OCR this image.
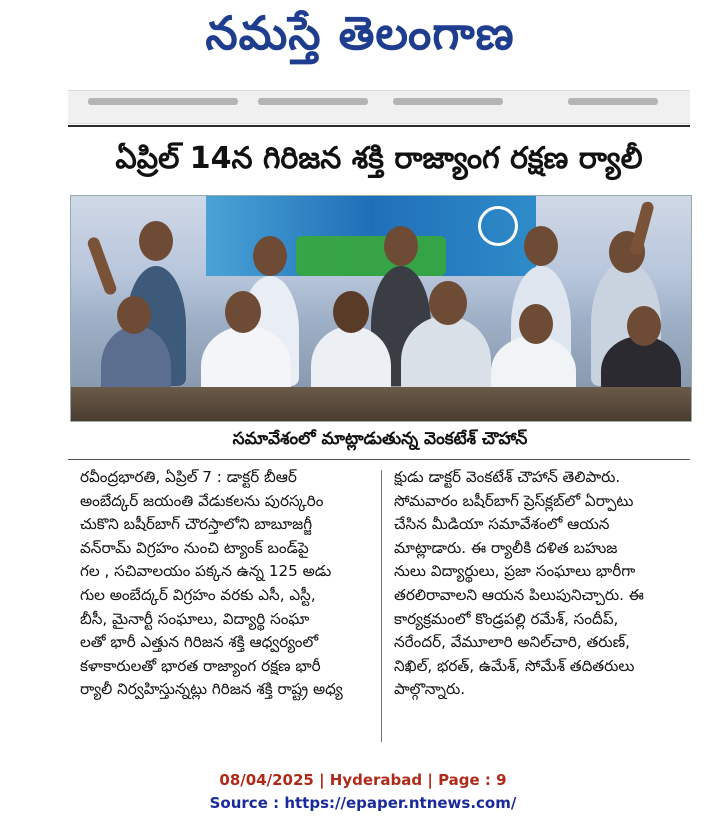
నమస్తే తెలంగాణ
ఏప్రిల్ 14న గిరిజన శక్తి రాజ్యాంగ రక్షణ ర్యాలీ
సమావేశంలో మాట్లాడుతున్న వెంకటేశ్ చౌహాన్
రవీంద్రభారతి, ఏప్రిల్ 7 : డాక్టర్ బీఆర్
అంబేద్కర్ జయంతి వేడుకలను పురస్కరిం
చుకొని బషీర్‌బాగ్ చౌరస్తాలోని బాబూజగ్జీ
వన్‌రామ్ విగ్రహం నుంచి ట్యాంక్ బండ్‌పై
గల , సచివాలయం పక్కన ఉన్న 125 అడు
గుల అంబేద్కర్ విగ్రహం వరకు ఎసీ, ఎస్టీ,
బీసీ, మైనార్టీ సంఘాలు, విద్యార్థి సంఘా
లతో భారీ ఎత్తున గిరిజన శక్తి ఆధ్వర్యంలో
కళాకారులతో భారత రాజ్యాంగ రక్షణ భారీ
ర్యాలీ నిర్వహిస్తున్నట్లు గిరిజన శక్తి రాష్ట్ర అధ్య
క్షుడు డాక్టర్ వెంకటేశ్ చౌహాన్ తెలిపారు.
సోమవారం బషీర్‌బాగ్ ప్రెస్‌క్లబ్‌లో ఏర్పాటు
చేసిన మీడియా సమావేశంలో ఆయన
మాట్లాడారు. ఈ ర్యాలీకి దళిత బహుజ
నులు విద్యార్థులు, ప్రజా సంఘాలు భారీగా
తరలిరావాలని ఆయన పిలుపునిచ్చారు. ఈ
కార్యక్రమంలో కొండ్రపల్లి రమేశ్, సందీప్,
నరేందర్, వేమూలారి అనిల్‌చారి, తరుణ్,
నిఖిల్, భరత్, ఉమేశ్, సోమేశ్ తదితరులు
పాల్గొన్నారు.
08/04/2025 | Hyderabad | Page : 9
Source : https://epaper.ntnews.com/
